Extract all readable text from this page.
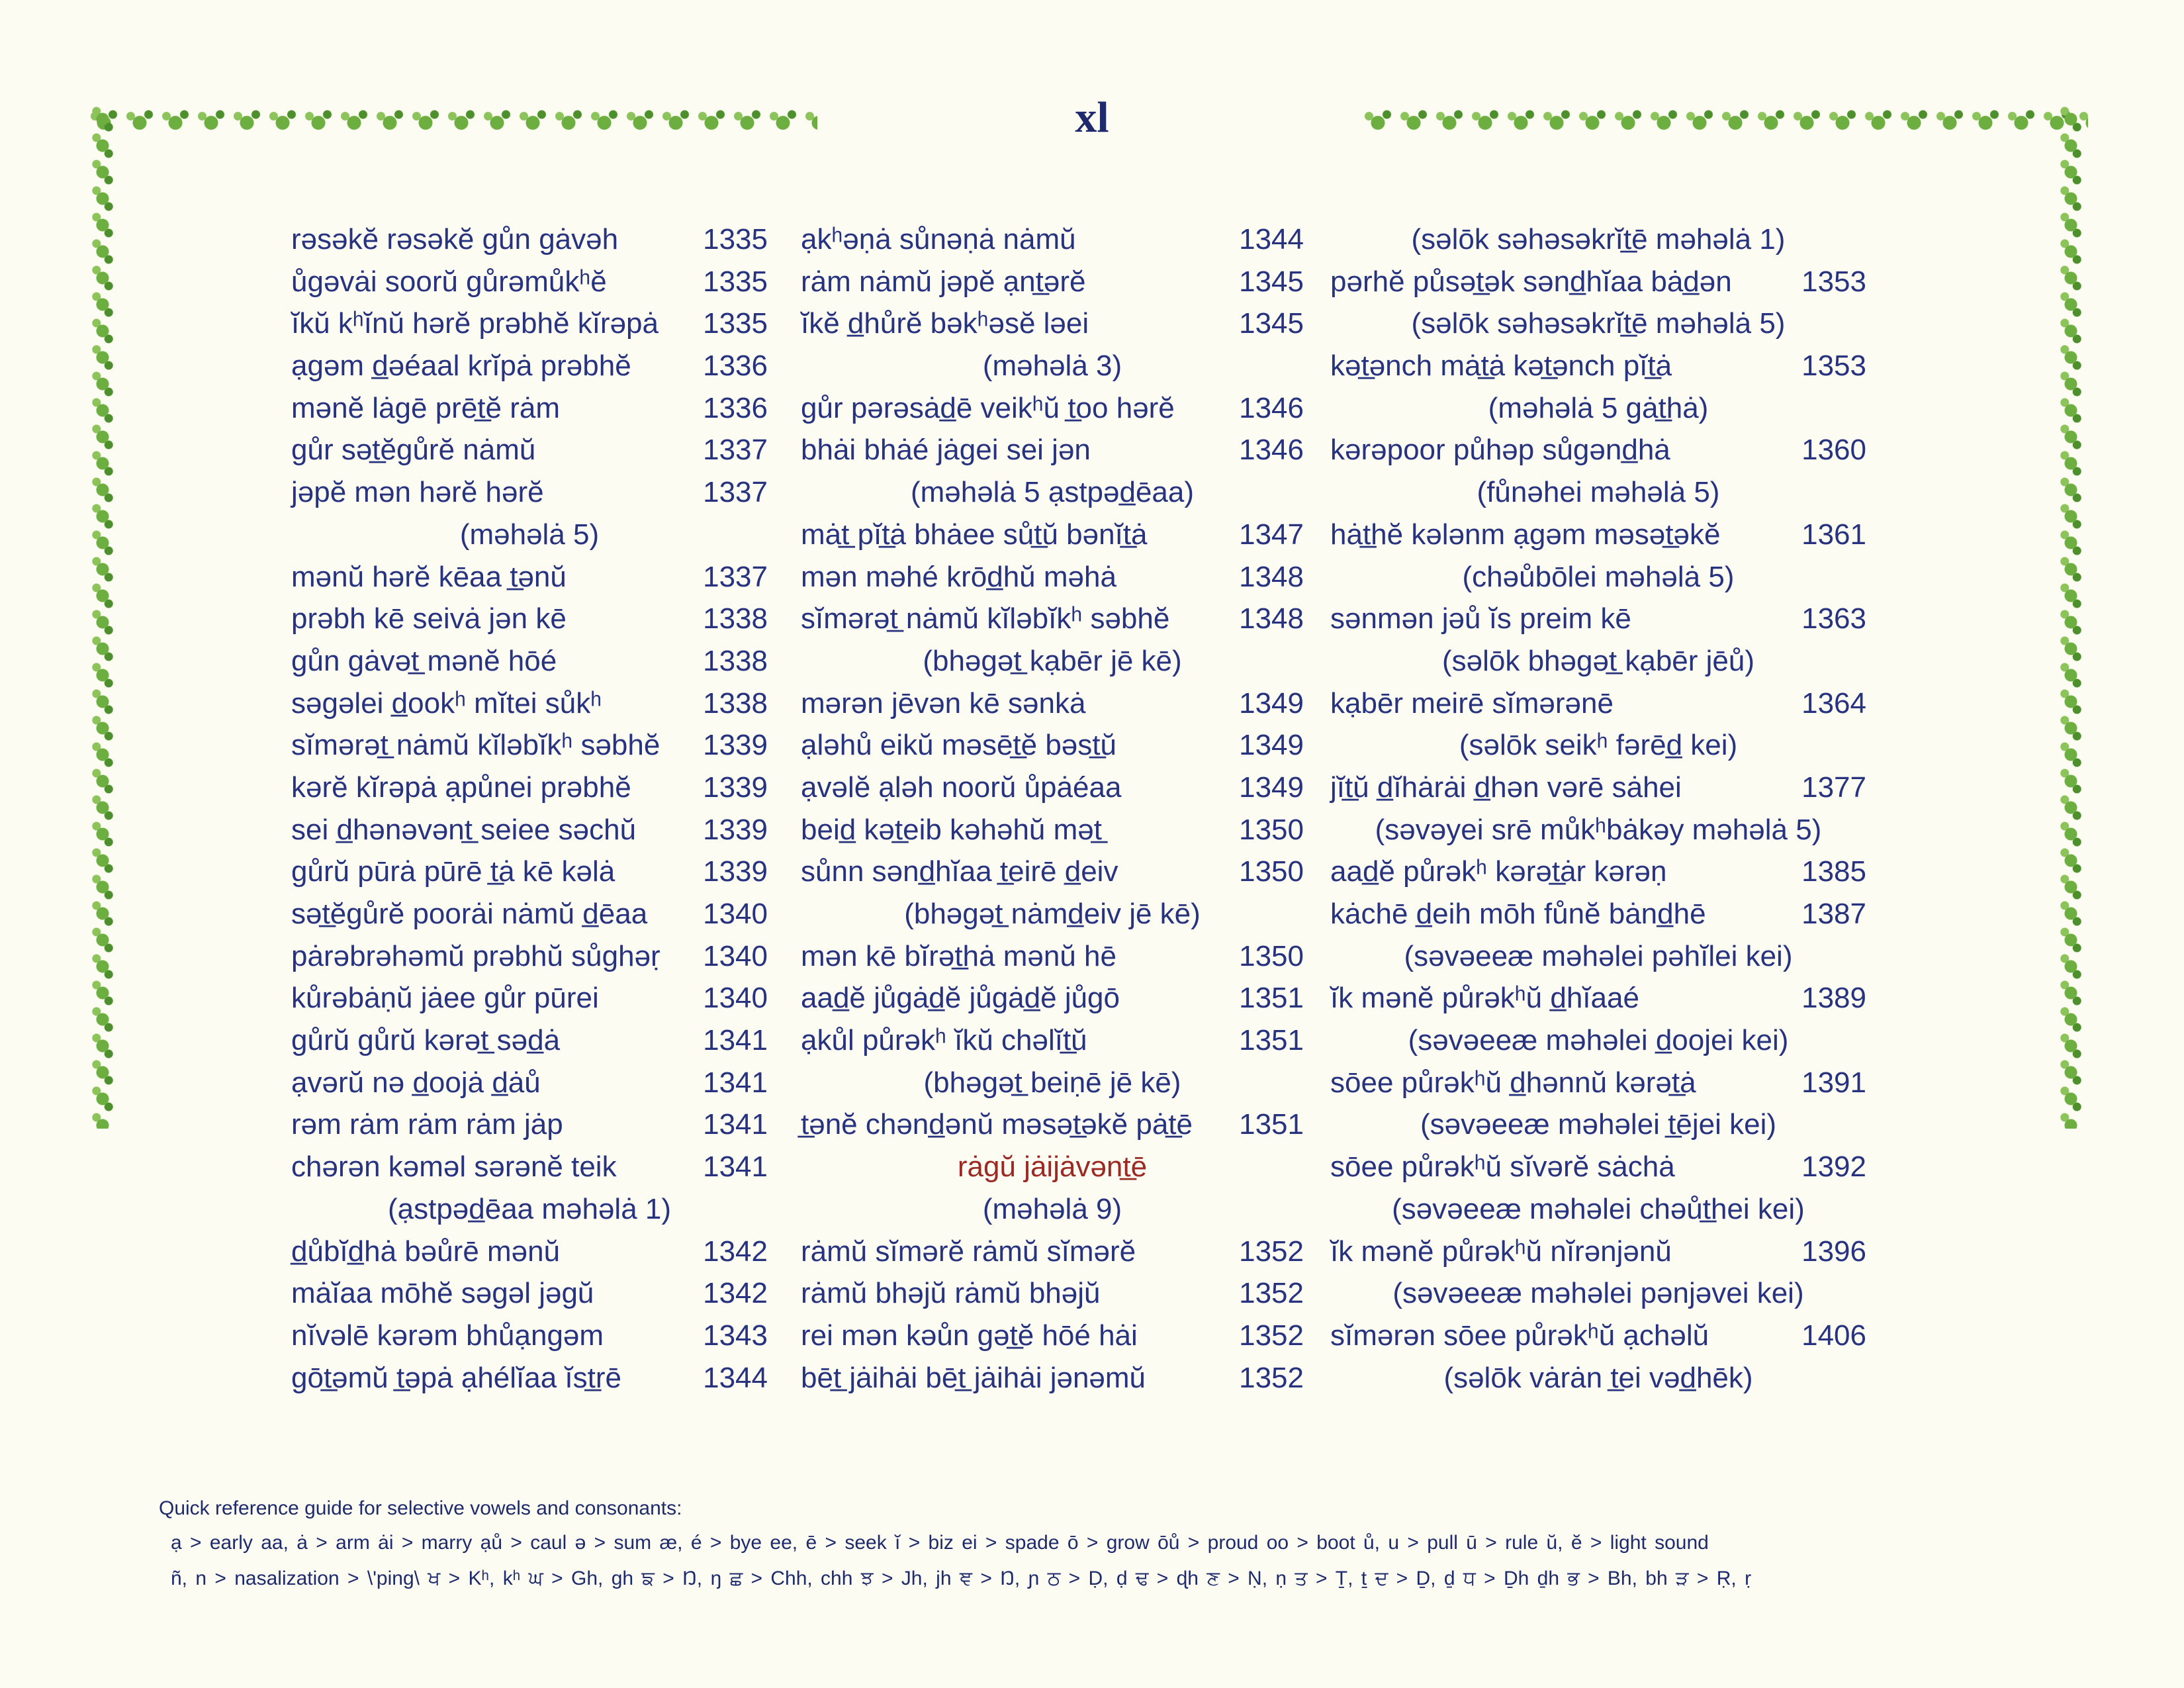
xl
rəsəkĕ rəsəkĕ gůn gȧvəh	1335
ůgəvȧi soorŭ gůrəmůkʰĕ	1335
ĭkŭ kʰĭnŭ hərĕ prəbhĕ kĭrəpȧ 1335
ạgəm d̲əéaal krĭpȧ prəbhĕ 1336
mənĕ lȧgē prēt̲ĕ rȧm	1336
gůr sət̲ĕgůrĕ nȧmŭ	1337
jəpĕ mən hərĕ hərĕ	1337
(məhəlȧ 5)
mənŭ hərĕ kēaa t̲ənŭ	1337
prəbh kē seivȧ jən kē	1338
gůn gȧvət̲ mənĕ hōé	1338
səgəlei d̲ookʰ mĭtei sůkʰ	1338
sĭmərət̲ nȧmŭ kĭləbĭkʰ səbhĕ 1339
kərĕ kĭrəpȧ ạpůnei prəbhĕ 1339
sei d̲hənəvənt̲ seiee səchŭ 1339
gůrŭ pūrȧ pūrē t̲ȧ kē kəlȧ	1339
sət̲ĕgůrĕ poorȧi nȧmŭ d̲ēaa 1340
pȧrəbrəhəmŭ prəbhŭ sůghəṛ 1340
kůrəbȧṇŭ jȧee gůr pūrei	1340
gůrŭ gůrŭ kərət̲ səd̲ȧ	1341
ạvərŭ nə d̲oojȧ d̲ȧů	1341
rəm rȧm rȧm rȧm jȧp	1341
chərən kəməl sərənĕ teik	1341
(ạstpəd̲ēaa məhəlȧ 1)
d̲ůbĭd̲hȧ bəůrē mənŭ	1342
mȧĭaa mōhĕ səgəl jəgŭ	1342
nĭvəlē kərəm bhůạngəm	1343
gōt̲əmŭ t̲əpȧ ạhélĭaa ĭst̲rē	1344
ạkʰəṇȧ sůnəṇȧ nȧmŭ	1344
rȧm nȧmŭ jəpĕ ạnt̲ərĕ	1345
ĭkĕ d̲hůrĕ bəkʰəsĕ ləei	1345
(məhəlȧ 3)
gůr pərəsȧd̲ē veikʰŭ t̲oo hərĕ 1346
bhȧi bhȧé jȧgei sei jən	1346
(məhəlȧ 5 ạstpəd̲ēaa)
mȧt̲ pĭt̲ȧ bhȧee sůt̲ŭ bənĭt̲ȧ	1347
mən məhé krōd̲hŭ məhȧ	1348
sĭmərət̲ nȧmŭ kĭləbĭkʰ səbhĕ 1348
(bhəgət̲ kạbēr jē kē)
mərən jēvən kē sənkȧ	1349
ạləhů eikŭ məsēt̲ĕ bəst̲ŭ	1349
ạvəlĕ ạləh noorŭ ůpȧéaa	1349
beid̲ kət̲eib kəhəhŭ mət̲	1350
sůnn sənd̲hĭaa t̲eirē d̲eiv	1350
(bhəgət̲ nȧmd̲eiv jē kē)
mən kē bĭrət̲hȧ mənŭ hē	1350
aad̲ĕ jůgȧd̲ĕ jůgȧd̲ĕ jůgō	1351
ạkůl půrəkʰ ĭkŭ chəlĭt̲ŭ	1351
(bhəgət̲ beiṇē jē kē)
t̲ənĕ chənd̲ənŭ məsət̲əkĕ pȧt̲ē 1351
rȧgŭ jȧijȧvənt̲ē
(məhəlȧ 9)
rȧmŭ sĭmərĕ rȧmŭ sĭmərĕ	1352
rȧmŭ bhəjŭ rȧmŭ bhəjŭ	1352
rei mən kəůn gət̲ĕ hōé hȧi	1352
bēt̲ jȧihȧi bēt̲ jȧihȧi jənəmŭ	1352
(səlōk səhəsəkrĭt̲ē məhəlȧ 1)
pərhĕ půsət̲ək sənd̲hĭaa bȧd̲ən 1353
(səlōk səhəsəkrĭt̲ē məhəlȧ 5)
kət̲ənch mȧt̲ȧ kət̲ənch pĭt̲ȧ	1353
(məhəlȧ 5 gȧt̲hȧ)
kərəpoor půhəp sůgənd̲hȧ	1360
(fůnəhei məhəlȧ 5)
hȧt̲hĕ kələnm ạgəm məsət̲əkĕ	1361
(chəůbōlei məhəlȧ 5)
sənmən jəů ĭs preim kē	1363
(səlōk bhəgət̲ kạbēr jēů)
kạbēr meirē sĭmərənē	1364
(səlōk seikʰ fərēd̲ kei)
jĭt̲ŭ d̲ĭhȧrȧi d̲hən vərē sȧhei	1377
(səvəyei srē můkʰbȧkəy məhəlȧ 5)
aad̲ĕ půrəkʰ kərət̲ȧr kərəṇ	1385
kȧchē d̲eih mōh fůnĕ bȧnd̲hē	1387
(səvəeeæ məhəlei pəhĭlei kei)
ĭk mənĕ půrəkʰŭ d̲hĭaaé	1389
(səvəeeæ məhəlei d̲oojei kei)
sōee půrəkʰŭ d̲hənnŭ kərət̲ȧ	1391
(səvəeeæ məhəlei t̲ējei kei)
sōee půrəkʰŭ sĭvərĕ sȧchȧ	1392
(səvəeeæ məhəlei chəůt̲hei kei)
ĭk mənĕ půrəkʰŭ nĭrənjənŭ	1396
(səvəeeæ məhəlei pənjəvei kei)
sĭmərən sōee půrəkʰŭ ạchəlŭ	1406
(səlōk vȧrȧn t̲ei vəd̲hēk)
Quick reference guide for selective vowels and consonants:
ạ > early aa, ȧ > arm ȧi > marry ạů > caul ə > sum æ, é > bye ee, ē > seek ĭ > biz ei > spade ō > grow ōů > proud oo > boot ů, u > pull ū > rule ŭ, ĕ > light sound
ñ, n > nasalization > \'ping\ ਖ > Kʰ, kʰ ਘ > Gh, gh ਙ > Ŋ, ŋ ਛ > Chh, chh ਝ > Jh, jh ਞ > Ŋ, ɲ ਠ > Ḍ, ḍ ਢ > ɖh ਣ > Ṇ, ṇ ਤ > Ṯ, ṯ ਦ > Ḏ, ḏ ਧ > Ḏh ḏh ਭ > Bh, bh ੜ > Ṛ, ṛ
